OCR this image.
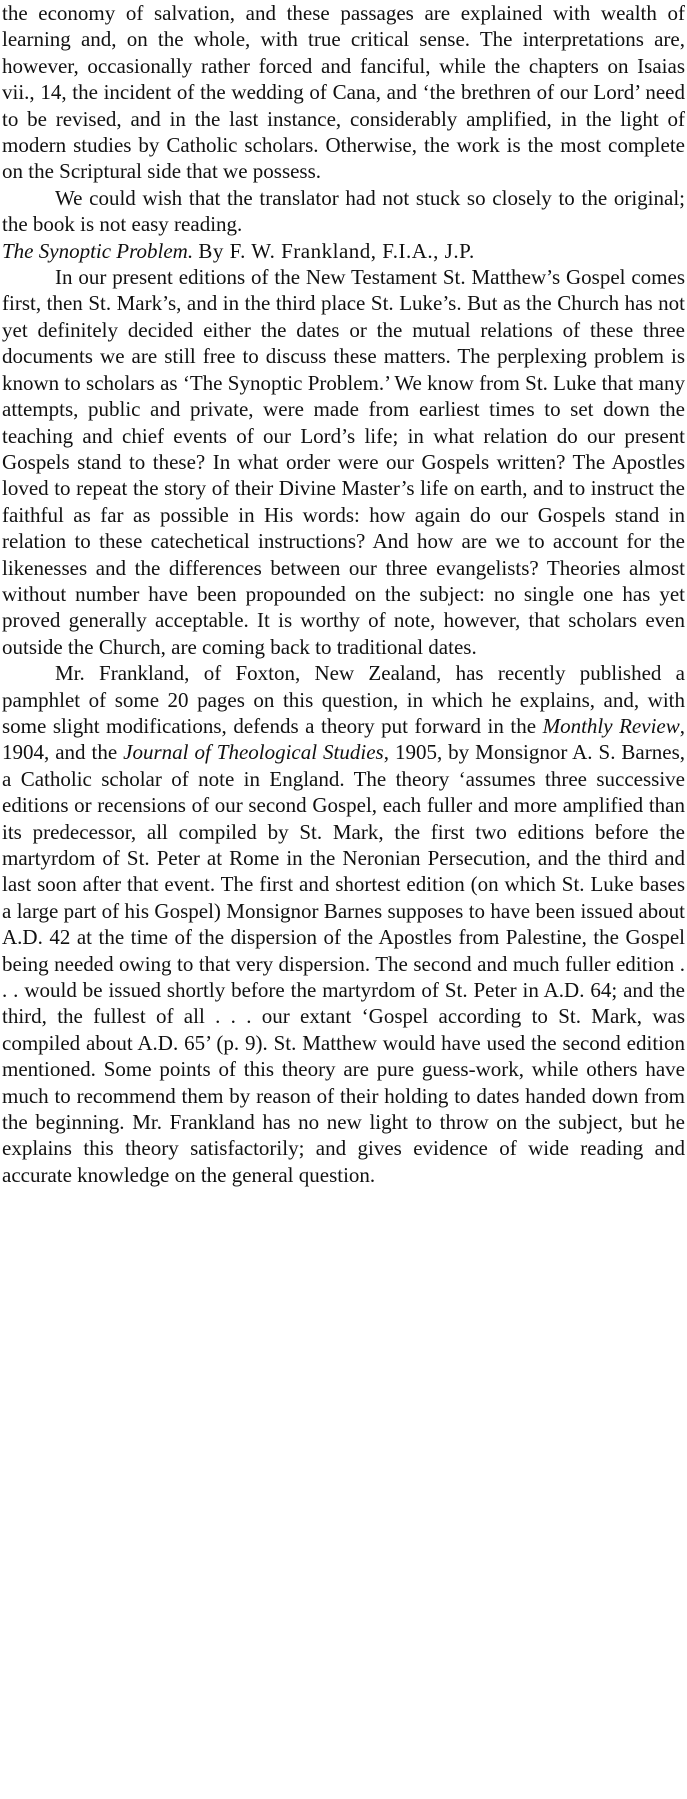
the economy of salvation, and these passages are explained with wealth of learning and, on the whole, with true critical sense. The interpretations are, however, occasionally rather forced and fanciful, while the chapters on Isaias vii., 14, the incident of the wedding of Cana, and ‘the brethren of our Lord’ need to be revised, and in the last instance, considerably amplified, in the light of modern studies by Catholic scholars. Otherwise, the work is the most complete on the Scriptural side that we possess.

We could wish that the translator had not stuck so closely to the original; the book is not easy reading.

The Synoptic Problem. By F. W. Frankland, F.I.A., J.P.

In our present editions of the New Testament St. Matthew’s Gospel comes first, then St. Mark’s, and in the third place St. Luke’s. But as the Church has not yet definitely decided either the dates or the mutual relations of these three documents we are still free to discuss these matters. The perplexing problem is known to scholars as ‘The Synoptic Problem.’ We know from St. Luke that many attempts, public and private, were made from earliest times to set down the teaching and chief events of our Lord’s life; in what relation do our present Gospels stand to these? In what order were our Gospels written? The Apostles loved to repeat the story of their Divine Master’s life on earth, and to instruct the faithful as far as possible in His words: how again do our Gospels stand in relation to these catechetical instructions? And how are we to account for the likenesses and the differences between our three evangelists? Theories almost without number have been propounded on the subject: no single one has yet proved generally acceptable. It is worthy of note, however, that scholars even outside the Church, are coming back to traditional dates.

Mr. Frankland, of Foxton, New Zealand, has recently published a pamphlet of some 20 pages on this question, in which he explains, and, with some slight modifications, defends a theory put forward in the Monthly Review, 1904, and the Journal of Theological Studies, 1905, by Monsignor A. S. Barnes, a Catholic scholar of note in England. The theory ‘assumes three successive editions or recensions of our second Gospel, each fuller and more amplified than its predecessor, all compiled by St. Mark, the first two editions before the martyrdom of St. Peter at Rome in the Neronian Persecution, and the third and last soon after that event. The first and shortest edition (on which St. Luke bases a large part of his Gospel) Monsignor Barnes supposes to have been issued about A.D. 42 at the time of the dispersion of the Apostles from Palestine, the Gospel being needed owing to that very dispersion. The second and much fuller edition . . . would be issued shortly before the martyrdom of St. Peter in A.D. 64; and the third, the fullest of all . . . our extant ‘Gospel according to St. Mark, was compiled about A.D. 65’ (p. 9). St. Matthew would have used the second edition mentioned. Some points of this theory are pure guess-work, while others have much to recommend them by reason of their holding to dates handed down from the beginning. Mr. Frankland has no new light to throw on the subject, but he explains this theory satisfactorily; and gives evidence of wide reading and accurate knowledge on the general question.
